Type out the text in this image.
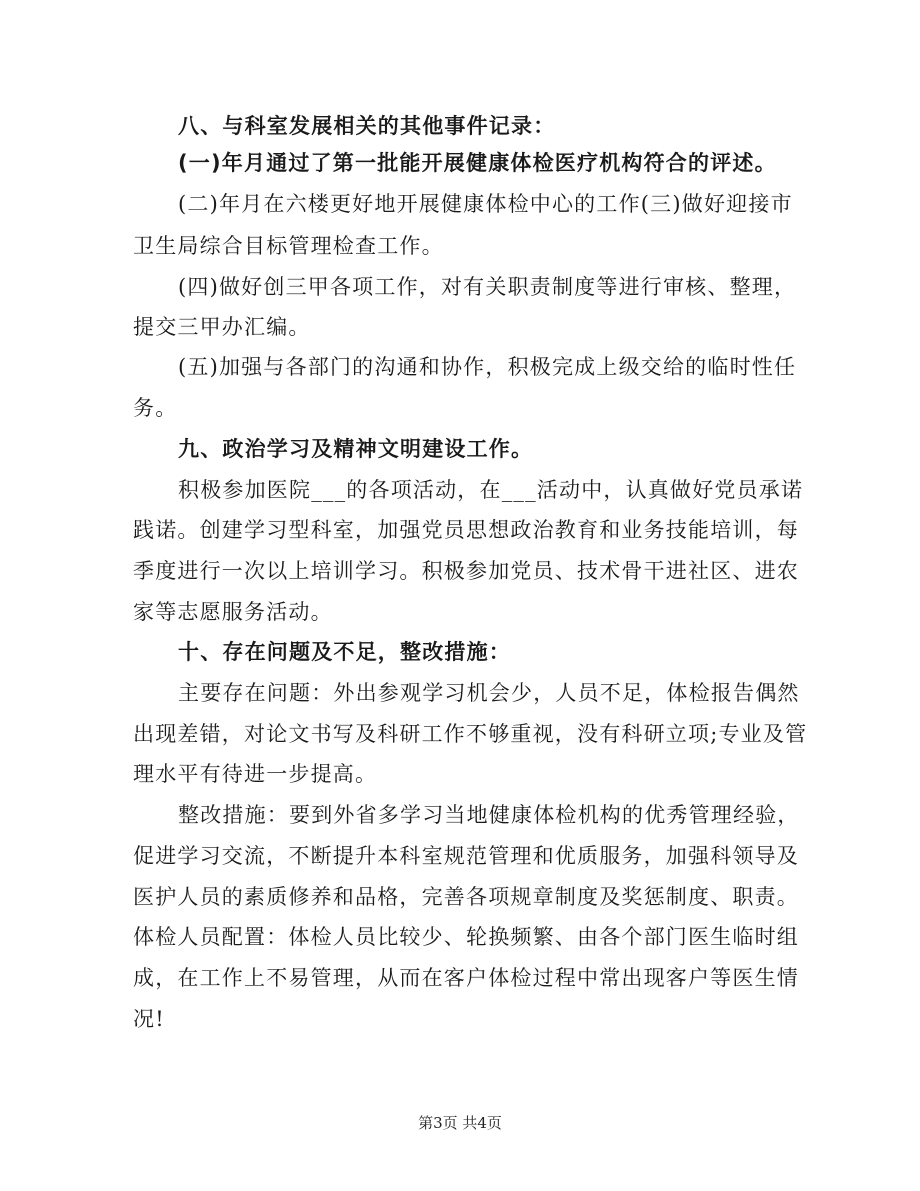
八、与科室发展相关的其他事件记录：
(一)年月通过了第一批能开展健康体检医疗机构符合的评述。
(二)年月在六楼更好地开展健康体检中心的工作(三)做好迎接市
卫生局综合目标管理检查工作。
(四)做好创三甲各项工作，对有关职责制度等进行审核、整理，
提交三甲办汇编。
(五)加强与各部门的沟通和协作，积极完成上级交给的临时性任
务。
九、政治学习及精神文明建设工作。
积极参加医院___的各项活动，在___活动中，认真做好党员承诺
践诺。创建学习型科室，加强党员思想政治教育和业务技能培训，每
季度进行一次以上培训学习。积极参加党员、技术骨干进社区、进农
家等志愿服务活动。
十、存在问题及不足，整改措施：
主要存在问题：外出参观学习机会少，人员不足，体检报告偶然
出现差错，对论文书写及科研工作不够重视，没有科研立项;专业及管
理水平有待进一步提高。
整改措施：要到外省多学习当地健康体检机构的优秀管理经验，
促进学习交流，不断提升本科室规范管理和优质服务，加强科领导及
医护人员的素质修养和品格，完善各项规章制度及奖惩制度、职责。
体检人员配置：体检人员比较少、轮换频繁、由各个部门医生临时组
成，在工作上不易管理，从而在客户体检过程中常出现客户等医生情
况!
第3页 共4页
